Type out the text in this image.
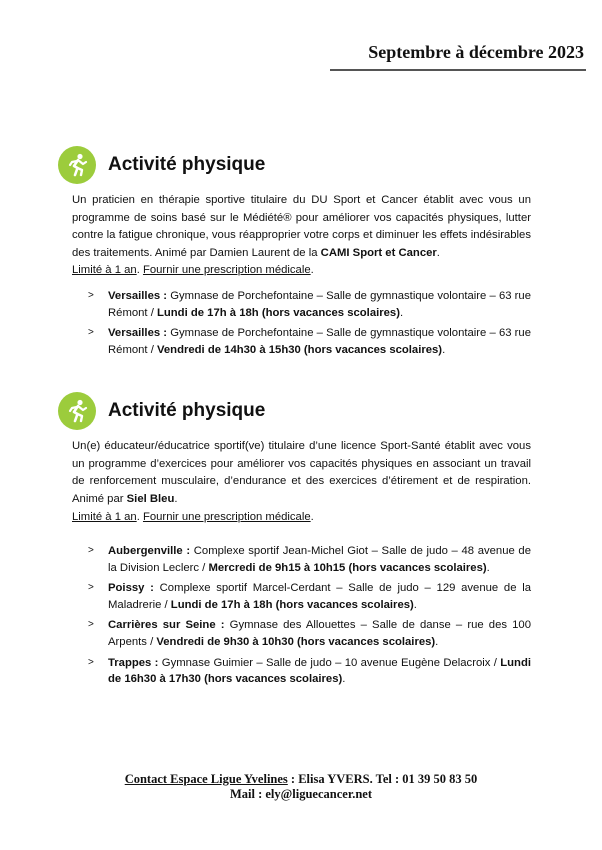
Septembre à décembre 2023
Activité physique
Un praticien en thérapie sportive titulaire du DU Sport et Cancer établit avec vous un programme de soins basé sur le Médiété® pour améliorer vos capacités physiques, lutter contre la fatigue chronique, vous réapproprier votre corps et diminuer les effets indésirables des traitements. Animé par Damien Laurent de la CAMI Sport et Cancer.
Limité à 1 an. Fournir une prescription médicale.
> Versailles : Gymnase de Porchefontaine – Salle de gymnastique volontaire – 63 rue Rémont / Lundi de 17h à 18h (hors vacances scolaires).
> Versailles : Gymnase de Porchefontaine – Salle de gymnastique volontaire – 63 rue Rémont / Vendredi de 14h30 à 15h30 (hors vacances scolaires).
Activité physique
Un(e) éducateur/éducatrice sportif(ve) titulaire d’une licence Sport-Santé établit avec vous un programme d’exercices pour améliorer vos capacités physiques en associant un travail de renforcement musculaire, d’endurance et des exercices d’étirement et de respiration. Animé par Siel Bleu.
Limité à 1 an. Fournir une prescription médicale.
> Aubergenville : Complexe sportif Jean-Michel Giot – Salle de judo – 48 avenue de la Division Leclerc / Mercredi de 9h15 à 10h15 (hors vacances scolaires).
> Poissy : Complexe sportif Marcel-Cerdant – Salle de judo – 129 avenue de la Maladrerie / Lundi de 17h à 18h (hors vacances scolaires).
> Carrières sur Seine : Gymnase des Allouettes – Salle de danse – rue des 100 Arpents / Vendredi de 9h30 à 10h30 (hors vacances scolaires).
> Trappes : Gymnase Guimier – Salle de judo – 10 avenue Eugène Delacroix / Lundi de 16h30 à 17h30 (hors vacances scolaires).
Contact Espace Ligue Yvelines : Elisa YVERS. Tel : 01 39 50 83 50
Mail : ely@liguecancer.net
